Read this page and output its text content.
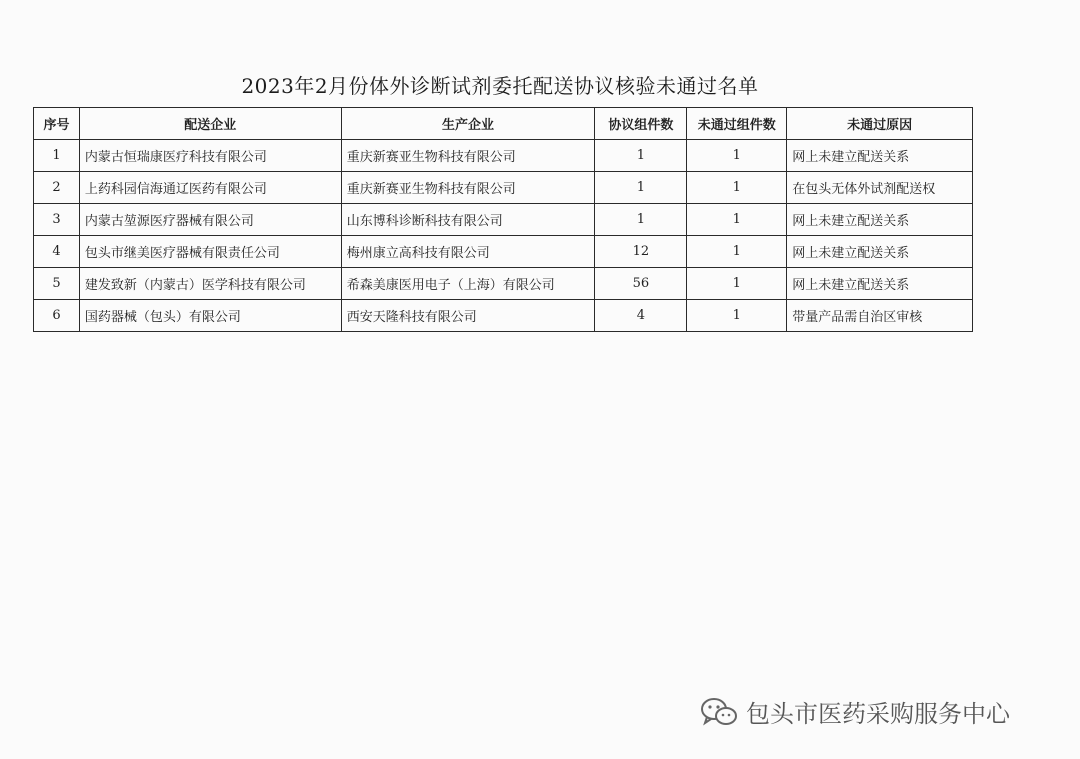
2023年2月份体外诊断试剂委托配送协议核验未通过名单
序号	配送企业	生产企业	协议组件数	未通过组件数	未通过原因
1	内蒙古恒瑞康医疗科技有限公司	重庆新赛亚生物科技有限公司	1	1	网上未建立配送关系
2	上药科园信海通辽医药有限公司	重庆新赛亚生物科技有限公司	1	1	在包头无体外试剂配送权
3	内蒙古堃源医疗器械有限公司	山东博科诊断科技有限公司	1	1	网上未建立配送关系
4	包头市继美医疗器械有限责任公司	梅州康立高科技有限公司	12	1	网上未建立配送关系
5	建发致新（内蒙古）医学科技有限公司	希森美康医用电子（上海）有限公司	56	1	网上未建立配送关系
6	国药器械（包头）有限公司	西安天隆科技有限公司	4	1	带量产品需自治区审核
包头市医药采购服务中心
